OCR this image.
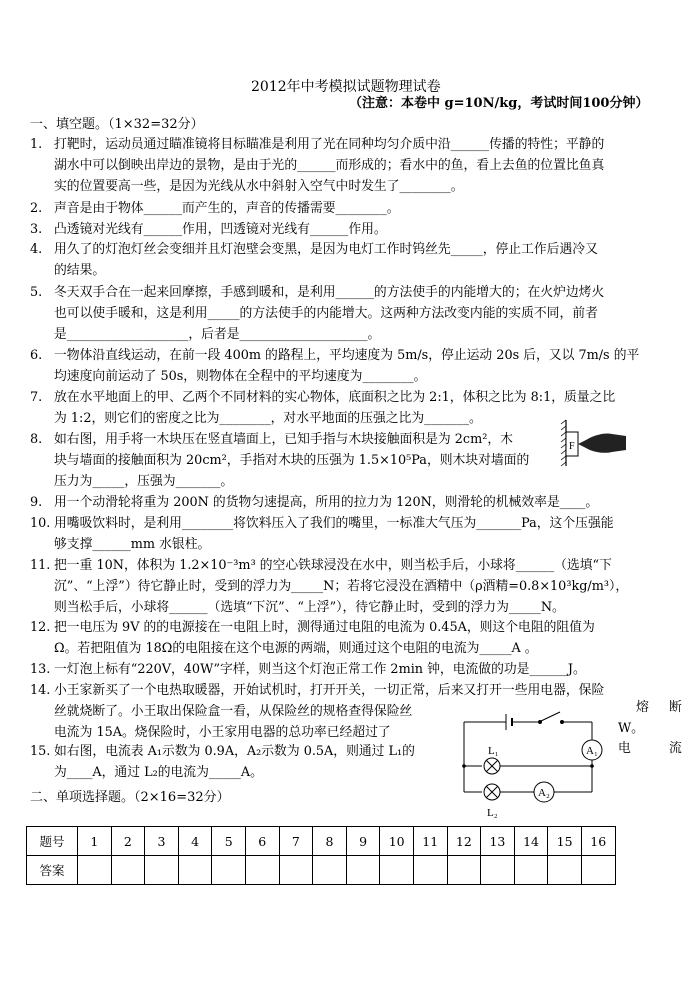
2012年中考模拟试题物理试卷
（注意：本卷中 g=10N/kg，考试时间100分钟）
一、填空题。（1×32=32分）
1. 打靶时，运动员通过瞄准镜将目标瞄准是利用了光在同种均匀介质中沿______传播的特性；平静的
湖水中可以倒映出岸边的景物，是由于光的______而形成的；看水中的鱼，看上去鱼的位置比鱼真
实的位置要高一些，是因为光线从水中斜射入空气中时发生了________。
2. 声音是由于物体______而产生的，声音的传播需要________。
3. 凸透镜对光线有______作用，凹透镜对光线有______作用。
4. 用久了的灯泡灯丝会变细并且灯泡壁会变黑，是因为电灯工作时钨丝先_____，停止工作后遇冷又
的结果。
5. 冬天双手合在一起来回摩擦，手感到暖和，是利用______的方法使手的内能增大的；在火炉边烤火
也可以使手暖和，这是利用_____的方法使手的内能增大。这两种方法改变内能的实质不同，前者
是___________________，后者是____________________。
6. 一物体沿直线运动，在前一段 400m 的路程上，平均速度为 5m/s，停止运动 20s 后，又以 7m/s 的平
均速度向前运动了 50s，则物体在全程中的平均速度为________。
7. 放在水平地面上的甲、乙两个不同材料的实心物体，底面积之比为 2:1，体积之比为 8:1，质量之比
为 1:2，则它们的密度之比为________，对水平地面的压强之比为_______。
8. 如右图，用手将一木块压在竖直墙面上，已知手指与木块接触面积是为 2cm²，木
块与墙面的接触面积为 20cm²，手指对木块的压强为 1.5×10⁵Pa，则木块对墙面的
压力为_____，压强为_______。
9. 用一个动滑轮将重为 200N 的货物匀速提高，所用的拉力为 120N，则滑轮的机械效率是____。
10. 用嘴吸饮料时，是利用________将饮料压入了我们的嘴里，一标准大气压为_______Pa，这个压强能
够支撑______mm 水银柱。
11. 把一重 10N，体积为 1.2×10⁻³m³ 的空心铁球浸没在水中，则当松手后，小球将______（选填“下
沉”、“上浮”）待它静止时，受到的浮力为_____N；若将它浸没在酒精中（ρ酒精=0.8×10³kg/m³），
则当松手后，小球将______（选填“下沉”、“上浮”），待它静止时，受到的浮力为_____N。
12. 把一电压为 9V 的的电源接在一电阻上时，测得通过电阻的电流为 0.45A，则这个电阻的阻值为
Ω。若把阻值为 18Ω的电阻接在这个电源的两端，则通过这个电阻的电流为_____A 。
13. 一灯泡上标有“220V，40W”字样，则当这个灯泡正常工作 2min 钟，电流做的功是______J。
14. 小王家新买了一个电热取暖器，开始试机时，打开开关，一切正常，后来又打开一些用电器，保险
丝就烧断了。小王取出保险盒一看，从保险丝的规格查得保险丝
电流为 15A。烧保险时，小王家用电器的总功率已经超过了
15. 如右图，电流表 A₁示数为 0.9A，A₂示数为 0.5A，则通过 L₁的
为____A，通过 L₂的电流为_____A。
熔 断
W。
电	流
F
L₁
L₂
A₁
A₂
二、单项选择题。（2×16=32分）
题号	1	2	3	4	5	6	7	8	9	10	11	12	13	14	15	16
答案																
